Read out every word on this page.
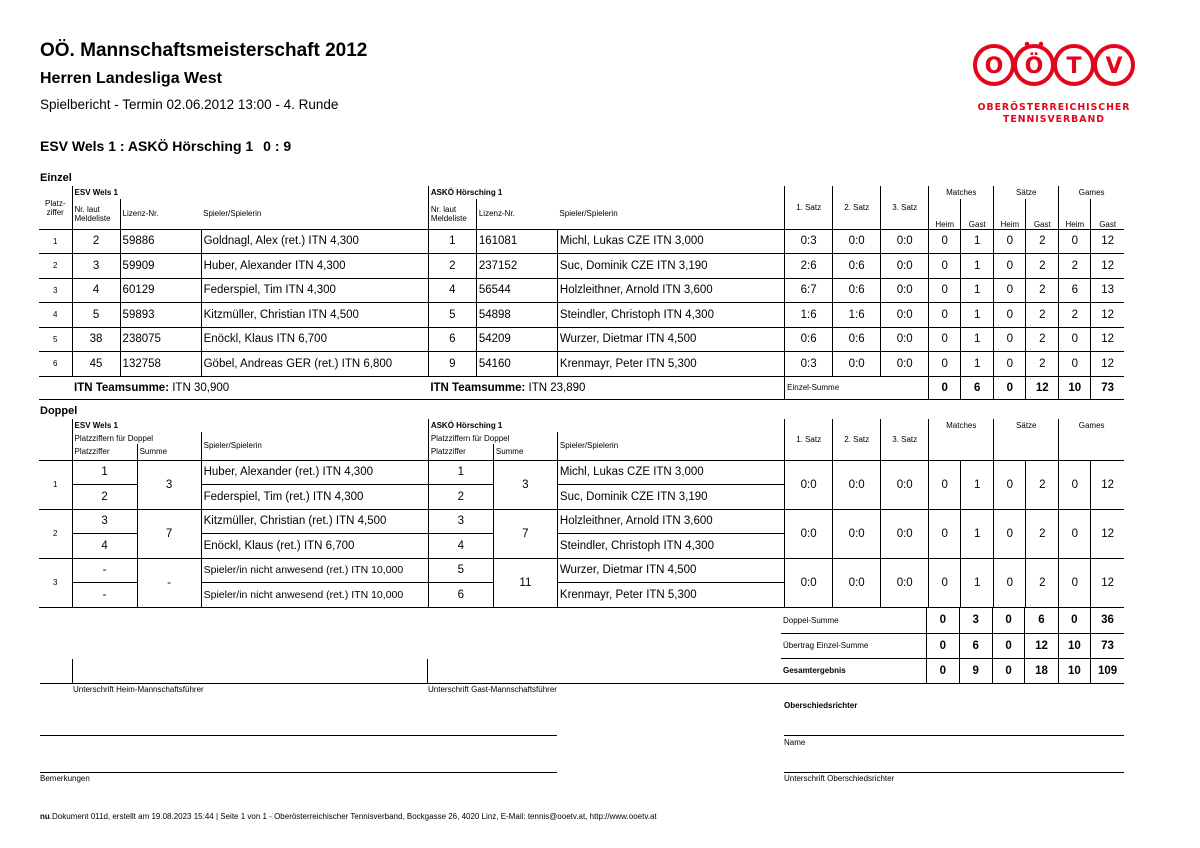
OÖ. Mannschaftsmeisterschaft 2012
Herren Landesliga West
Spielbericht - Termin 02.06.2012 13:00 - 4. Runde
ESV Wels 1 : ASKÖ Hörsching 1 0 : 9
O Ö T V
OBERÖSTERREICHISCHER
TENNISVERBAND
Einzel
Platz-ziffer	ESV Wels 1			ASKÖ Hörsching 1			1. Satz	2. Satz	3. Satz	Matches		Sätze		Games	
	Nr. laut Meldeliste	Lizenz-Nr.	Spieler/Spielerin	Nr. laut Meldeliste	Lizenz-Nr.	Spieler/Spielerin				Heim	Gast	Heim	Gast	Heim	Gast
1	2	59886	Goldnagl, Alex (ret.) ITN 4,300	1	161081	Michl, Lukas CZE ITN 3,000	0:3	0:0	0:0	0	1	0	2	0	12
2	3	59909	Huber, Alexander ITN 4,300	2	237152	Suc, Dominik CZE ITN 3,190	2:6	0:6	0:0	0	1	0	2	2	12
3	4	60129	Federspiel, Tim ITN 4,300	4	56544	Holzleithner, Arnold ITN 3,600	6:7	0:6	0:0	0	1	0	2	6	13
4	5	59893	Kitzmüller, Christian ITN 4,500	5	54898	Steindler, Christoph ITN 4,300	1:6	1:6	0:0	0	1	0	2	2	12
5	38	238075	Enöckl, Klaus ITN 6,700	6	54209	Wurzer, Dietmar ITN 4,500	0:6	0:6	0:0	0	1	0	2	0	12
6	45	132758	Göbel, Andreas GER (ret.) ITN 6,800	9	54160	Krenmayr, Peter ITN 5,300	0:3	0:0	0:0	0	1	0	2	0	12
	ITN Teamsumme: ITN 30,900			ITN Teamsumme: ITN 23,890			Einzel-Summe			0	6	0	12	10	73
Doppel
	ESV Wels 1			ASKÖ Hörsching 1			1. Satz	2. Satz	3. Satz	Matches		Sätze		Games	
	Platzziffern für Doppel		Spieler/Spielerin	Platzziffern für Doppel		Spieler/Spielerin									
	Platzziffer	Summe		Platzziffer	Summe										
1	1	3	Huber, Alexander (ret.) ITN 4,300	1	3	Michl, Lukas CZE ITN 3,000	0:0	0:0	0:0	0	1	0	2	0	12
	2		Federspiel, Tim (ret.) ITN 4,300	2		Suc, Dominik CZE ITN 3,190									
2	3	7	Kitzmüller, Christian (ret.) ITN 4,500	3	7	Holzleithner, Arnold ITN 3,600	0:0	0:0	0:0	0	1	0	2	0	12
	4		Enöckl, Klaus (ret.) ITN 6,700	4		Steindler, Christoph ITN 4,300									
3	-	-	Spieler/in nicht anwesend (ret.) ITN 10,000	5	11	Wurzer, Dietmar ITN 4,500	0:0	0:0	0:0	0	1	0	2	0	12
	-		Spieler/in nicht anwesend (ret.) ITN 10,000	6		Krenmayr, Peter ITN 5,300									
Doppel-Summe	0	3	0	6	0	36
Übertrag Einzel-Summe	0	6	0	12	10	73
Gesamtergebnis	0	9	0	18	10	109
Unterschrift Heim-Mannschaftsführer	Unterschrift Gast-Mannschaftsführer
Oberschiedsrichter
Name
Bemerkungen	Unterschrift Oberschiedsrichter
nu.Dokument 011d, erstellt am 19.08.2023 15:44 | Seite 1 von 1 - Oberösterreichischer Tennisverband, Bockgasse 26, 4020 Linz, E-Mail: tennis@ooetv.at, http://www.ooetv.at
